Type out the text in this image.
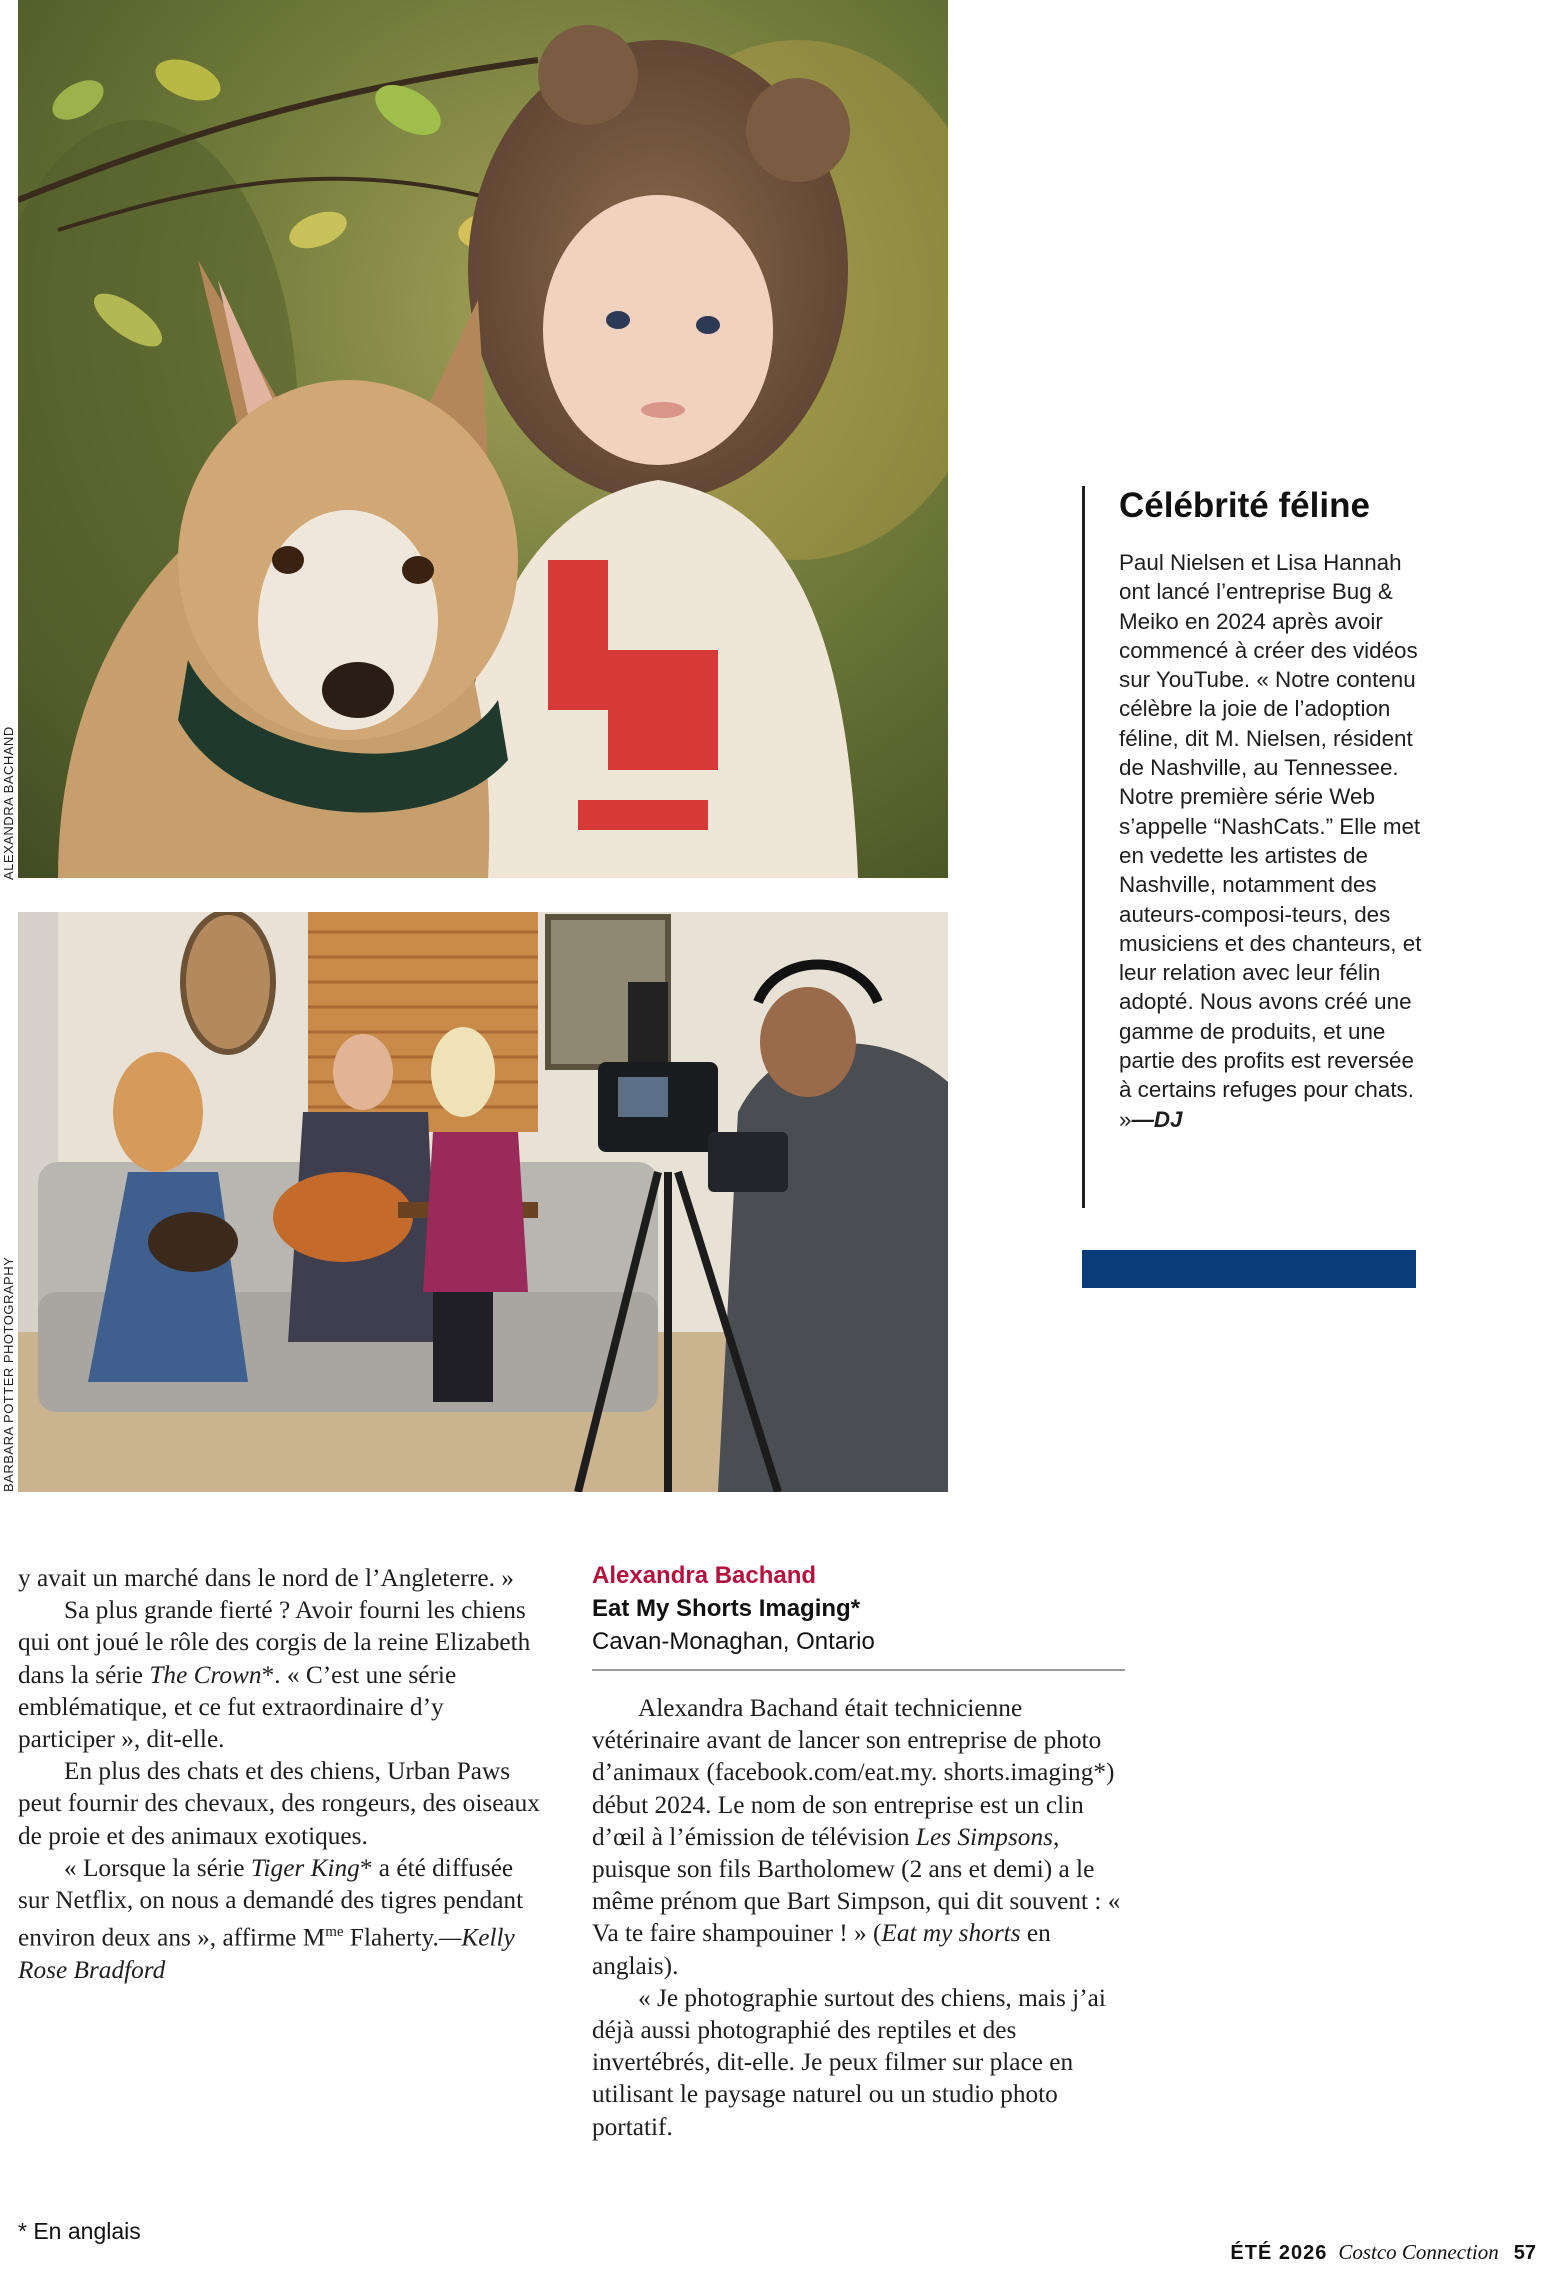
ALEXANDRA BACHAND
BARBARA POTTER PHOTOGRAPHY
Célébrité féline

Paul Nielsen et Lisa Hannah ont lancé l’entreprise Bug & Meiko en 2024 après avoir commencé à créer des vidéos sur YouTube. « Notre contenu célèbre la joie de l’adoption féline, dit M. Nielsen, résident de Nashville, au Tennessee. Notre première série Web s’appelle “NashCats.” Elle met en vedette les artistes de Nashville, notamment des auteurs-composi-teurs, des musiciens et des chanteurs, et leur relation avec leur félin adopté. Nous avons créé une gamme de produits, et une partie des profits est reversée à certains refuges pour chats. »—DJ

y avait un marché dans le nord de l’Angleterre. »

Sa plus grande fierté ? Avoir fourni les chiens qui ont joué le rôle des corgis de la reine Elizabeth dans la série The Crown*. « C’est une série emblématique, et ce fut extraordinaire d’y participer », dit-elle.

En plus des chats et des chiens, Urban Paws peut fournir des chevaux, des rongeurs, des oiseaux de proie et des animaux exotiques.

« Lorsque la série Tiger King* a été diffusée sur Netflix, on nous a demandé des tigres pendant environ deux ans », affirme $M^{me}$ Flaherty.—Kelly Rose Bradford

Alexandra Bachand

Eat My Shorts Imaging*

Cavan-Monaghan, Ontario

Alexandra Bachand était technicienne vétérinaire avant de lancer son entreprise de photo d’animaux (facebook.com/eat.my. shorts.imaging*) début 2024. Le nom de son entreprise est un clin d’œil à l’émission de télévision Les Simpsons, puisque son fils Bartholomew (2 ans et demi) a le même prénom que Bart Simpson, qui dit souvent : « Va te faire shampouiner ! » (Eat my shorts en anglais).

« Je photographie surtout des chiens, mais j’ai déjà aussi photographié des reptiles et des invertébrés, dit-elle. Je peux filmer sur place en utilisant le paysage naturel ou un studio photo portatif.

* En anglais
ÉTÉ 2026 Costco Connection 57
